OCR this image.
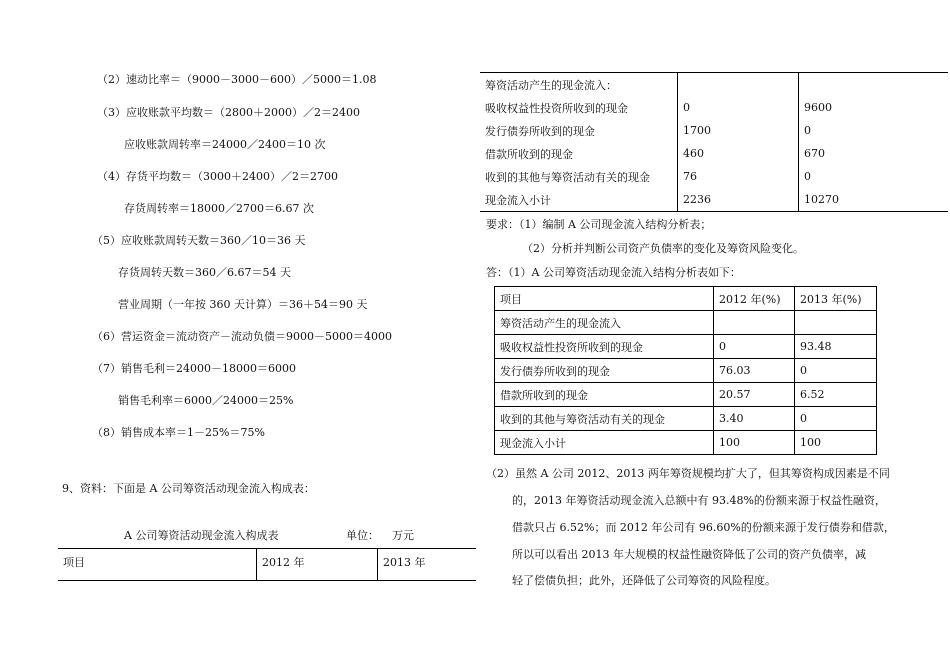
（2）速动比率＝（9000－3000－600）／5000＝1.08
（3）应收账款平均数＝（2800＋2000）／2＝2400
应收账款周转率＝24000／2400＝10 次
（4）存货平均数＝（3000＋2400）／2＝2700
存货周转率＝18000／2700＝6.67 次
（5）应收账款周转天数＝360／10＝36 天
存货周转天数＝360／6.67＝54 天
营业周期（一年按 360 天计算）＝36＋54＝90 天
（6）营运资金＝流动资产－流动负债＝9000－5000＝4000
（7）销售毛利＝24000－18000＝6000
销售毛利率＝6000／24000＝25%
（8）销售成本率＝1－25%＝75%
9、资料：下面是 A 公司筹资活动现金流入构成表：
A 公司筹资活动现金流入构成表	单位： 万元
项目	2012 年	2013 年
筹资活动产生的现金流入：		
吸收权益性投资所收到的现金	0	9600
发行债券所收到的现金	1700	0
借款所收到的现金	460	670
收到的其他与筹资活动有关的现金	76	0
现金流入小计	2236	10270
要求：（1）编制 A 公司现金流入结构分析表；
（2）分析并判断公司资产负债率的变化及筹资风险变化。
答：（1）A 公司筹资活动现金流入结构分析表如下：
项目	2012 年(%)	2013 年(%)
筹资活动产生的现金流入		
吸收权益性投资所收到的现金	0	93.48
发行债券所收到的现金	76.03	0
借款所收到的现金	20.57	6.52
收到的其他与筹资活动有关的现金	3.40	0
现金流入小计	100	100
（2）虽然 A 公司 2012、2013 两年筹资规模均扩大了，但其筹资构成因素是不同
的，2013 年筹资活动现金流入总额中有 93.48%的份额来源于权益性融资，
借款只占 6.52%；而 2012 年公司有 96.60%的份额来源于发行债券和借款，
所以可以看出 2013 年大规模的权益性融资降低了公司的资产负债率，减
轻了偿债负担；此外，还降低了公司筹资的风险程度。
